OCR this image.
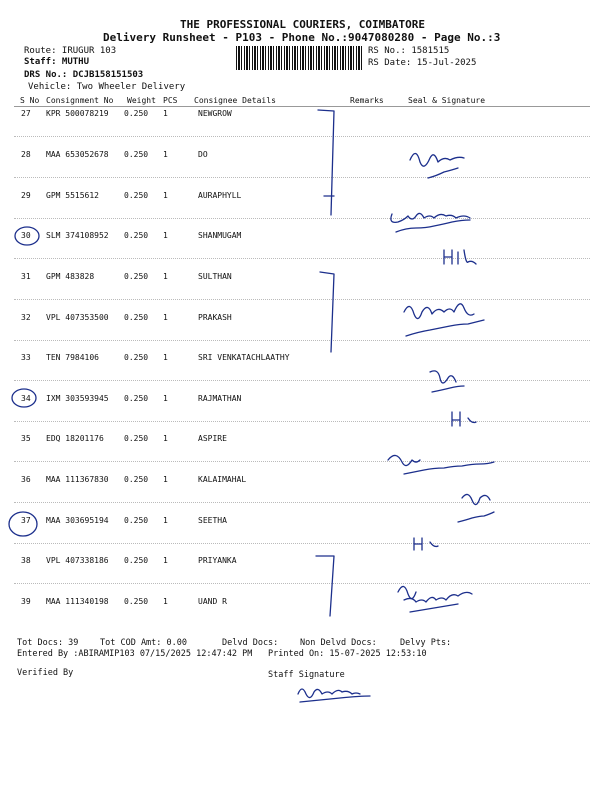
THE PROFESSIONAL COURIERS, COIMBATORE
Delivery Runsheet - P103 - Phone No.:9047080280 - Page No.:3
Route: IRUGUR 103
Staff: MUTHU
DRS No.: DCJB158151503
Vehicle: Two Wheeler Delivery
RS No.: 1581515
RS Date: 15-Jul-2025
S No Consignment No Weight PCS Consignee Details	Remarks	Seal & Signature
27 KPR 500078219 0.250 1	NEWGROW
28 MAA 653052678 0.250 1	DO
29 GPM 5515612	0.250 1	AURAPHYLL
30 SLM 374108952 0.250 1	SHANMUGAM
31 GPM 483828	0.250 1	SULTHAN
32 VPL 407353500 0.250 1	PRAKASH
33 TEN 7984106	0.250 1	SRI VENKATACHLAATHY
34 IXM 303593945 0.250 1	RAJMATHAN
35 EDQ 18201176	0.250 1	ASPIRE
36 MAA 111367830 0.250 1	KALAIMAHAL
37 MAA 303695194 0.250 1	SEETHA
38 VPL 407338186 0.250 1	PRIYANKA
39 MAA 111340198 0.250 1	UAND R
Tot Docs: 39	Tot COD Amt: 0.00	Delvd Docs:	Non Delvd Docs:	Delvy Pts:
Entered By :ABIRAMIP103 07/15/2025 12:47:42 PM Printed On: 15-07-2025 12:53:10
Verified By	Staff Signature
